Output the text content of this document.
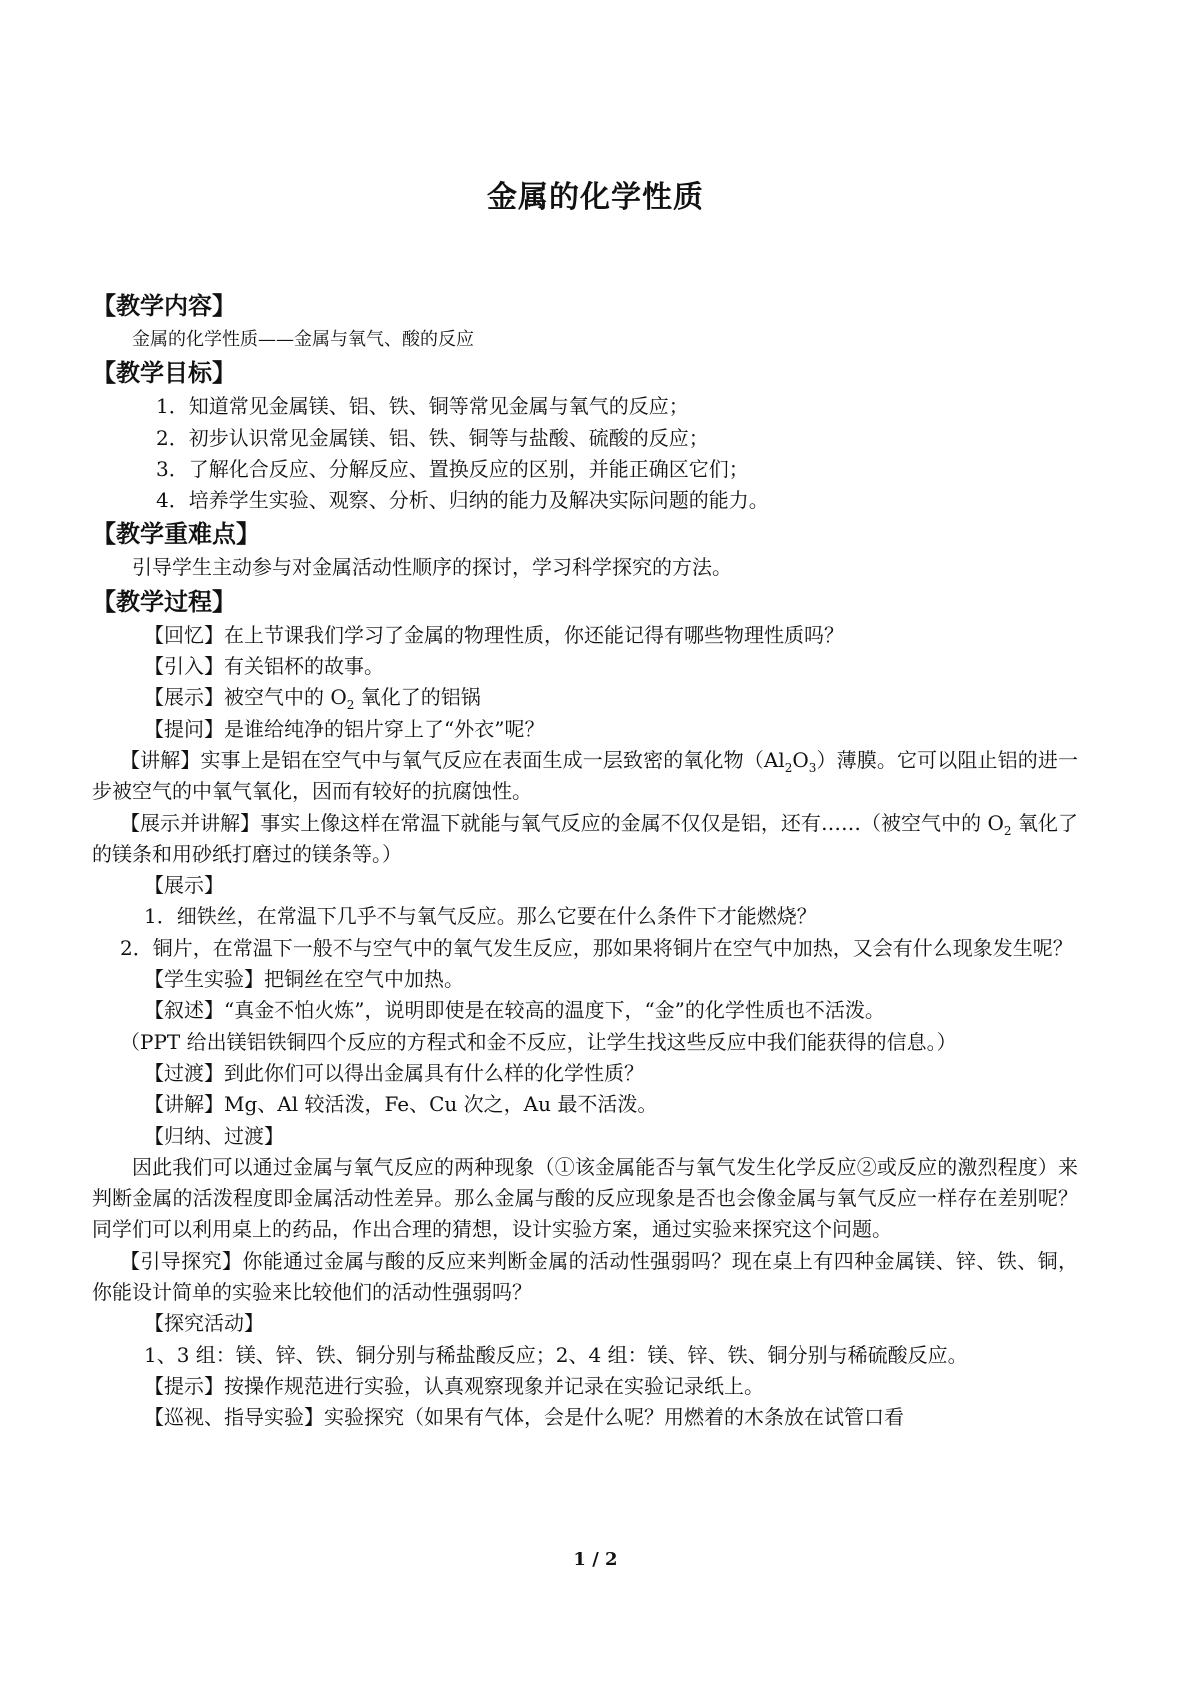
金属的化学性质
【教学内容】

金属的化学性质——金属与氧气、酸的反应

【教学目标】

1．知道常见金属镁、铝、铁、铜等常见金属与氧气的反应；

2．初步认识常见金属镁、铝、铁、铜等与盐酸、硫酸的反应；

3．了解化合反应、分解反应、置换反应的区别，并能正确区它们；

4．培养学生实验、观察、分析、归纳的能力及解决实际问题的能力。

【教学重难点】

引导学生主动参与对金属活动性顺序的探讨，学习科学探究的方法。

【教学过程】

【回忆】在上节课我们学习了金属的物理性质，你还能记得有哪些物理性质吗？

【引入】有关铝杯的故事。

【展示】被空气中的 $O_2$ 氧化了的铝锅

【提问】是谁给纯净的铝片穿上了“外衣”呢？

【讲解】实事上是铝在空气中与氧气反应在表面生成一层致密的氧化物$(Al_2O_3)$薄膜。它可以阻止铝的进一步被空气的中氧气氧化，因而有较好的抗腐蚀性。

【展示并讲解】事实上像这样在常温下就能与氧气反应的金属不仅仅是铝，还有……（被空气中的 $O_2$ 氧化了的镁条和用砂纸打磨过的镁条等。）

【展示】

1．细铁丝，在常温下几乎不与氧气反应。那么它要在什么条件下才能燃烧？

2．铜片，在常温下一般不与空气中的氧气发生反应，那如果将铜片在空气中加热，又会有什么现象发生呢？

【学生实验】把铜丝在空气中加热。

【叙述】“真金不怕火炼”，说明即使是在较高的温度下，“金”的化学性质也不活泼。

（PPT 给出镁铝铁铜四个反应的方程式和金不反应，让学生找这些反应中我们能获得的信息。）

【过渡】到此你们可以得出金属具有什么样的化学性质？

【讲解】Mg、Al 较活泼，Fe、Cu 次之，Au 最不活泼。

【归纳、过渡】

因此我们可以通过金属与氧气反应的两种现象（①该金属能否与氧气发生化学反应②或反应的激烈程度）来判断金属的活泼程度即金属活动性差异。那么金属与酸的反应现象是否也会像金属与氧气反应一样存在差别呢？同学们可以利用桌上的药品，作出合理的猜想，设计实验方案，通过实验来探究这个问题。

【引导探究】你能通过金属与酸的反应来判断金属的活动性强弱吗？现在桌上有四种金属镁、锌、铁、铜，你能设计简单的实验来比较他们的活动性强弱吗？

【探究活动】

1、3 组：镁、锌、铁、铜分别与稀盐酸反应；2、4 组：镁、锌、铁、铜分别与稀硫酸反应。

【提示】按操作规范进行实验，认真观察现象并记录在实验记录纸上。

【巡视、指导实验】实验探究（如果有气体，会是什么呢？用燃着的木条放在试管口看

1 / 2
